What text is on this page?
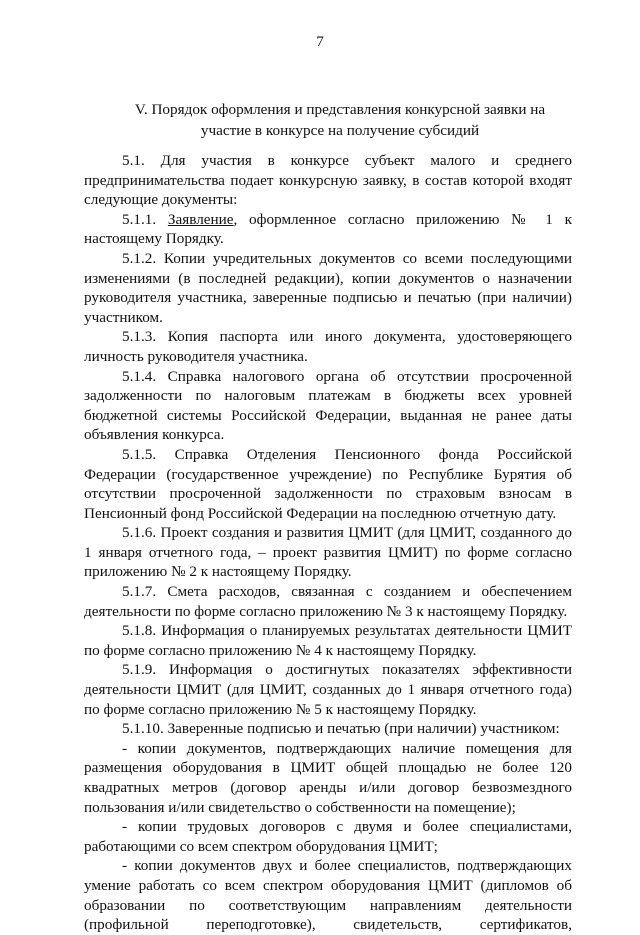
7
V. Порядок оформления и представления конкурсной заявки на
участие в конкурсе на получение субсидий

5.1. Для участия в конкурсе субъект малого и среднего предпринимательства подает конкурсную заявку, в состав которой входят следующие документы:

5.1.1. Заявление, оформленное согласно приложению № 1 к настоящему Порядку.

5.1.2. Копии учредительных документов со всеми последующими изменениями (в последней редакции), копии документов о назначении руководителя участника, заверенные подписью и печатью (при наличии) участником.

5.1.3. Копия паспорта или иного документа, удостоверяющего личность руководителя участника.

5.1.4. Справка налогового органа об отсутствии просроченной задолженности по налоговым платежам в бюджеты всех уровней бюджетной системы Российской Федерации, выданная не ранее даты объявления конкурса.

5.1.5. Справка Отделения Пенсионного фонда Российской Федерации (государственное учреждение) по Республике Бурятия об отсутствии просроченной задолженности по страховым взносам в Пенсионный фонд Российской Федерации на последнюю отчетную дату.

5.1.6. Проект создания и развития ЦМИТ (для ЦМИТ, созданного до 1 января отчетного года, – проект развития ЦМИТ) по форме согласно приложению № 2 к настоящему Порядку.

5.1.7. Смета расходов, связанная с созданием и обеспечением деятельности по форме согласно приложению № 3 к настоящему Порядку.

5.1.8. Информация о планируемых результатах деятельности ЦМИТ по форме согласно приложению № 4 к настоящему Порядку.

5.1.9. Информация о достигнутых показателях эффективности деятельности ЦМИТ (для ЦМИТ, созданных до 1 января отчетного года) по форме согласно приложению № 5 к настоящему Порядку.

5.1.10. Заверенные подписью и печатью (при наличии) участником:

- копии документов, подтверждающих наличие помещения для размещения оборудования в ЦМИТ общей площадью не более 120 квадратных метров (договор аренды и/или договор безвозмездного пользования и/или свидетельство о собственности на помещение);

- копии трудовых договоров с двумя и более специалистами, работающими со всем спектром оборудования ЦМИТ;

- копии документов двух и более специалистов, подтверждающих умение работать со всем спектром оборудования ЦМИТ (дипломов об образовании по соответствующим направлениям деятельности (профильной переподготовке), свидетельств, сертификатов,
